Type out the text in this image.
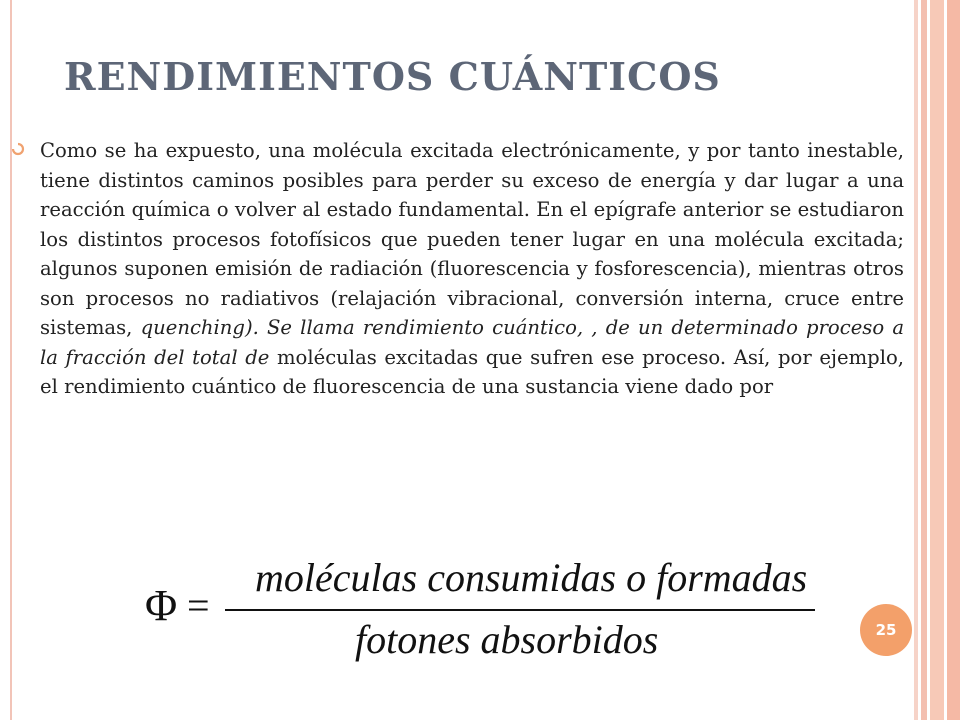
RENDIMIENTOS CUÁNTICOS

Como se ha expuesto, una molécula excitada electrónicamente, y por tanto inestable, tiene distintos caminos posibles para perder su exceso de energía y dar lugar a una reacción química o volver al estado fundamental. En el epígrafe anterior se estudiaron los distintos procesos fotofísicos que pueden tener lugar en una molécula excitada; algunos suponen emisión de radiación (fluorescencia y fosforescencia), mientras otros son procesos no radiativos (relajación vibracional, conversión interna, cruce entre sistemas, quenching). Se llama rendimiento cuántico, , de un determinado proceso a la fracción del total de moléculas excitadas que sufren ese proceso. Así, por ejemplo, el rendimiento cuántico de fluorescencia de una sustancia viene dado por

Φ =
moléculas consumidas o formadas
fotones absorbidos	25
